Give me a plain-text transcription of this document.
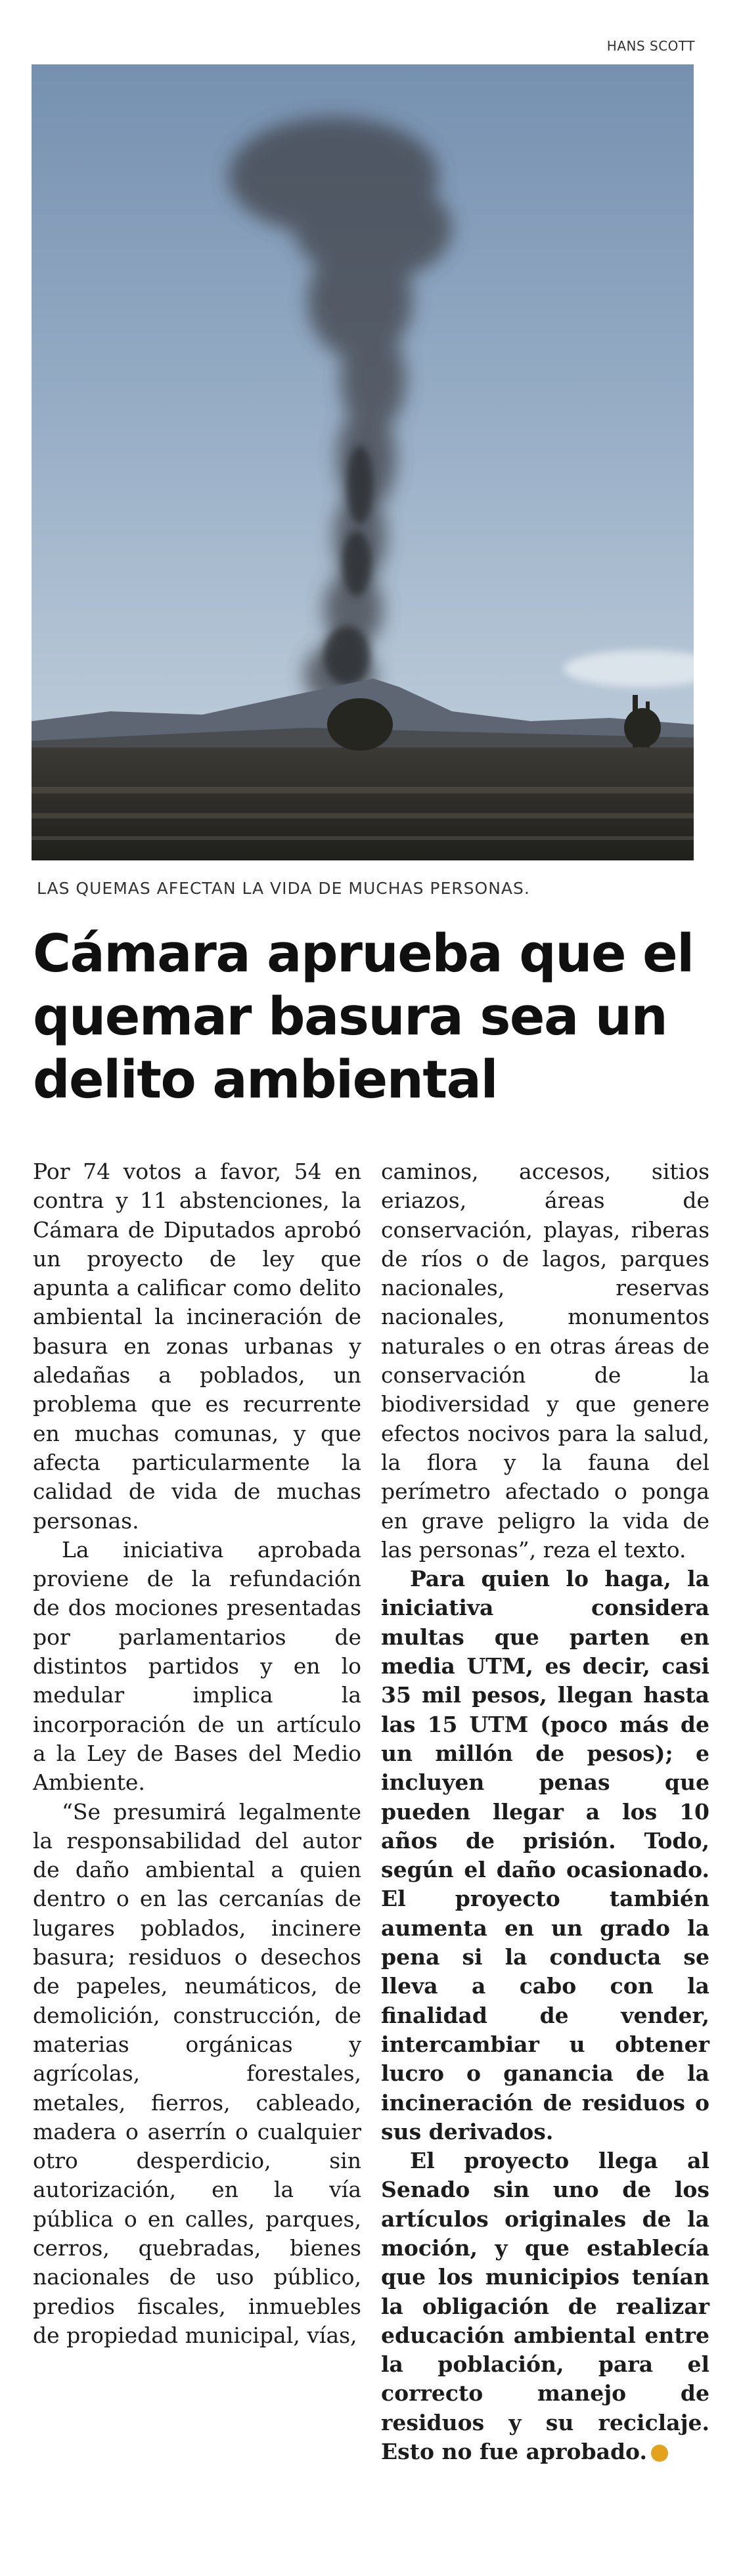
HANS SCOTT
LAS QUEMAS AFECTAN LA VIDA DE MUCHAS PERSONAS.
Cámara aprueba que el quemar basura sea un delito ambiental

Por 74 votos a favor, 54 en contra y 11 abstenciones, la Cámara de Diputados aprobó un proyecto de ley que apunta a calificar como delito ambiental la incineración de basura en zonas urbanas y aledañas a poblados, un problema que es recurrente en muchas comunas, y que afecta particularmente la calidad de vida de muchas personas.

La iniciativa aprobada proviene de la refundación de dos mociones presentadas por parlamentarios de distintos partidos y en lo medular implica la incorporación de un artículo a la Ley de Bases del Medio Ambiente.

“Se presumirá legalmente la responsabilidad del autor de daño ambiental a quien dentro o en las cercanías de lugares poblados, incinere basura; residuos o desechos de papeles, neumáticos, de demolición, construcción, de materias orgánicas y agrícolas, forestales, metales, fierros, cableado, madera o aserrín o cualquier otro desperdicio, sin autorización, en la vía pública o en calles, parques, cerros, quebradas, bienes nacionales de uso público, predios fiscales, inmuebles de propiedad municipal, vías,

caminos, accesos, sitios eriazos, áreas de conservación, playas, riberas de ríos o de lagos, parques nacionales, reservas nacionales, monumentos naturales o en otras áreas de conservación de la biodiversidad y que genere efectos nocivos para la salud, la flora y la fauna del perímetro afectado o ponga en grave peligro la vida de las personas”, reza el texto.

Para quien lo haga, la iniciativa considera multas que parten en media UTM, es decir, casi 35 mil pesos, llegan hasta las 15 UTM (poco más de un millón de pesos); e incluyen penas que pueden llegar a los 10 años de prisión. Todo, según el daño ocasionado. El proyecto también aumenta en un grado la pena si la conducta se lleva a cabo con la finalidad de vender, intercambiar u obtener lucro o ganancia de la incineración de residuos o sus derivados.

El proyecto llega al Senado sin uno de los artículos originales de la moción, y que establecía que los municipios tenían la obligación de realizar educación ambiental entre la población, para el correcto manejo de residuos y su reciclaje. Esto no fue aprobado.	✪
